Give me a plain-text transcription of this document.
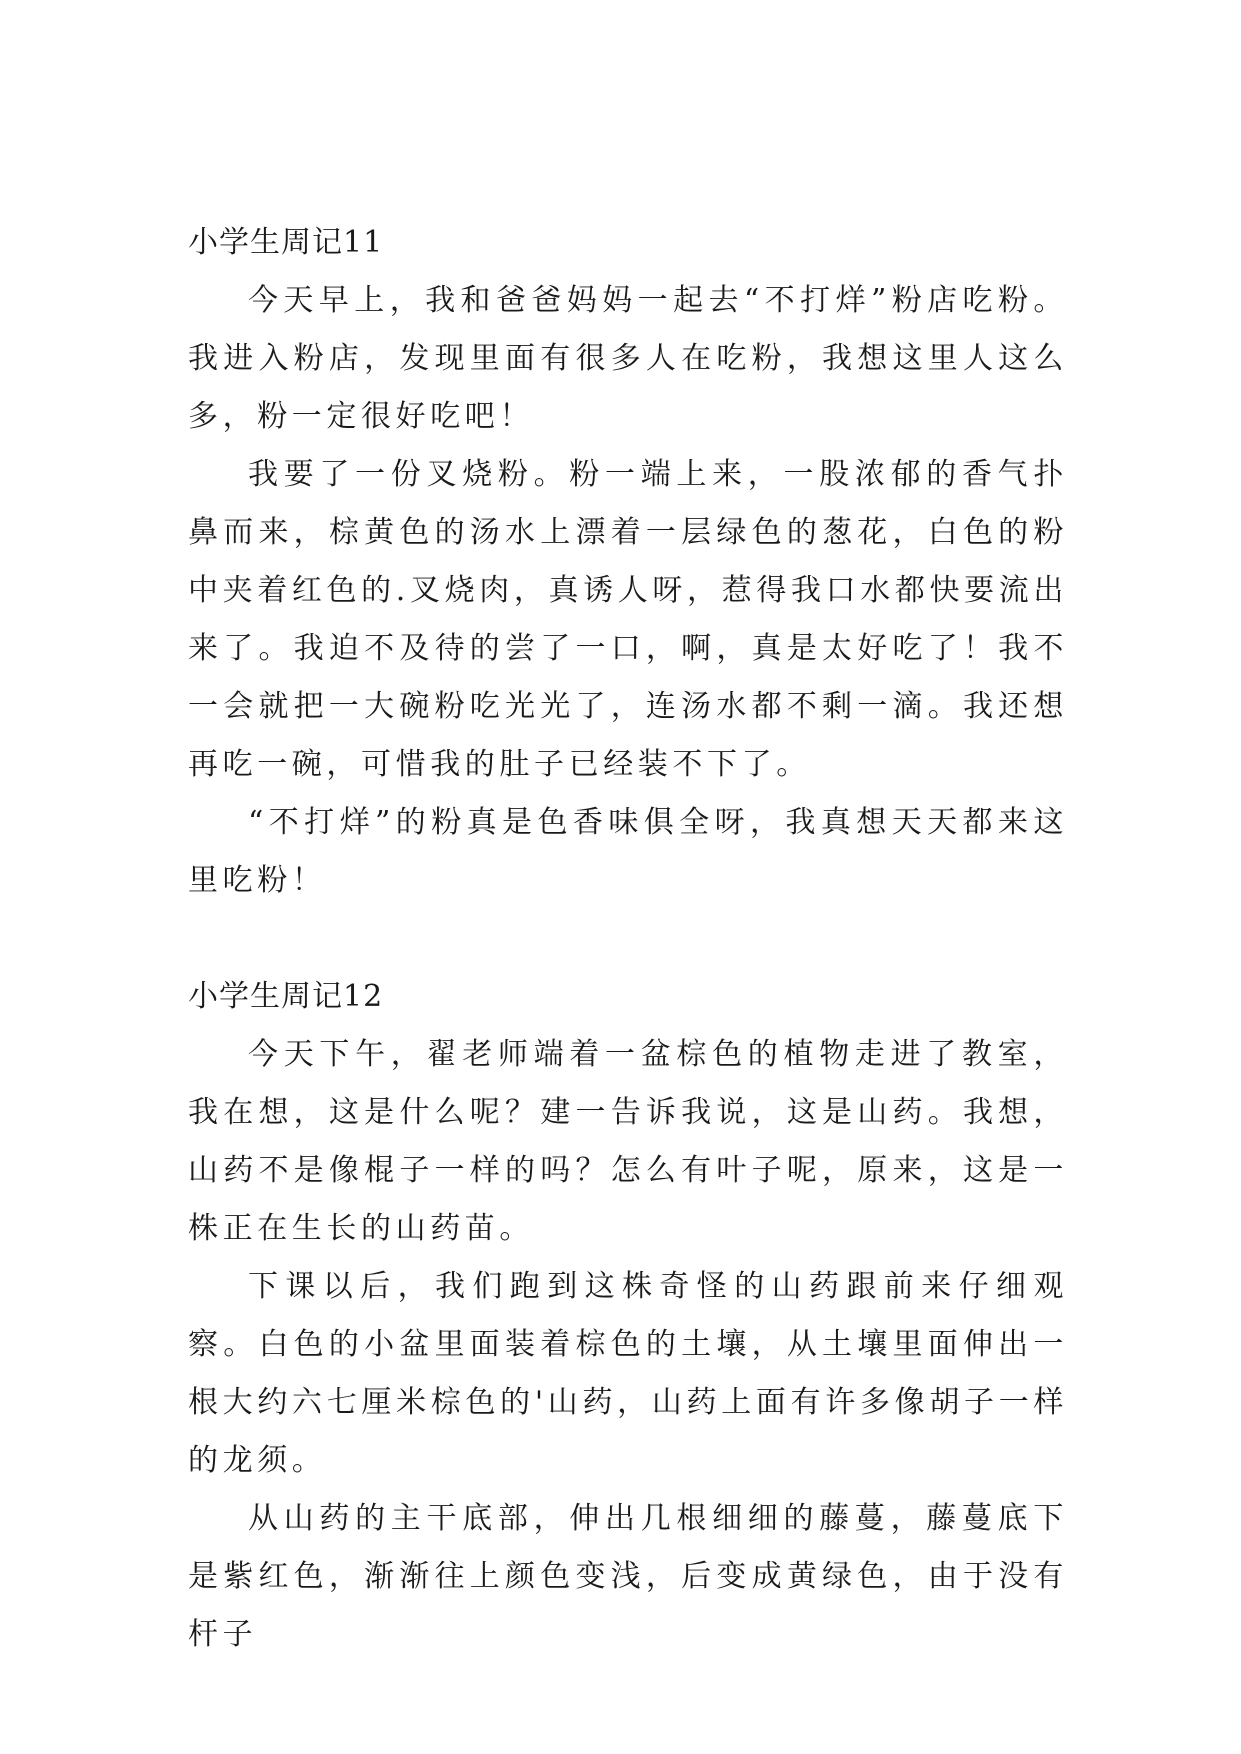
小学生周记11

今天早上，我和爸爸妈妈一起去“不打烊”粉店吃粉。我进入粉店，发现里面有很多人在吃粉，我想这里人这么多，粉一定很好吃吧！

我要了一份叉烧粉。粉一端上来，一股浓郁的香气扑鼻而来，棕黄色的汤水上漂着一层绿色的葱花，白色的粉中夹着红色的.叉烧肉，真诱人呀，惹得我口水都快要流出来了。我迫不及待的尝了一口，啊，真是太好吃了！我不一会就把一大碗粉吃光光了，连汤水都不剩一滴。我还想再吃一碗，可惜我的肚子已经装不下了。

“不打烊”的粉真是色香味俱全呀，我真想天天都来这里吃粉！

小学生周记12

今天下午，翟老师端着一盆棕色的植物走进了教室，我在想，这是什么呢？建一告诉我说，这是山药。我想，山药不是像棍子一样的吗？怎么有叶子呢，原来，这是一株正在生长的山药苗。

下课以后，我们跑到这株奇怪的山药跟前来仔细观察。白色的小盆里面装着棕色的土壤，从土壤里面伸出一根大约六七厘米棕色的'山药，山药上面有许多像胡子一样的龙须。

从山药的主干底部，伸出几根细细的藤蔓，藤蔓底下是紫红色，渐渐往上颜色变浅，后变成黄绿色，由于没有杆子
